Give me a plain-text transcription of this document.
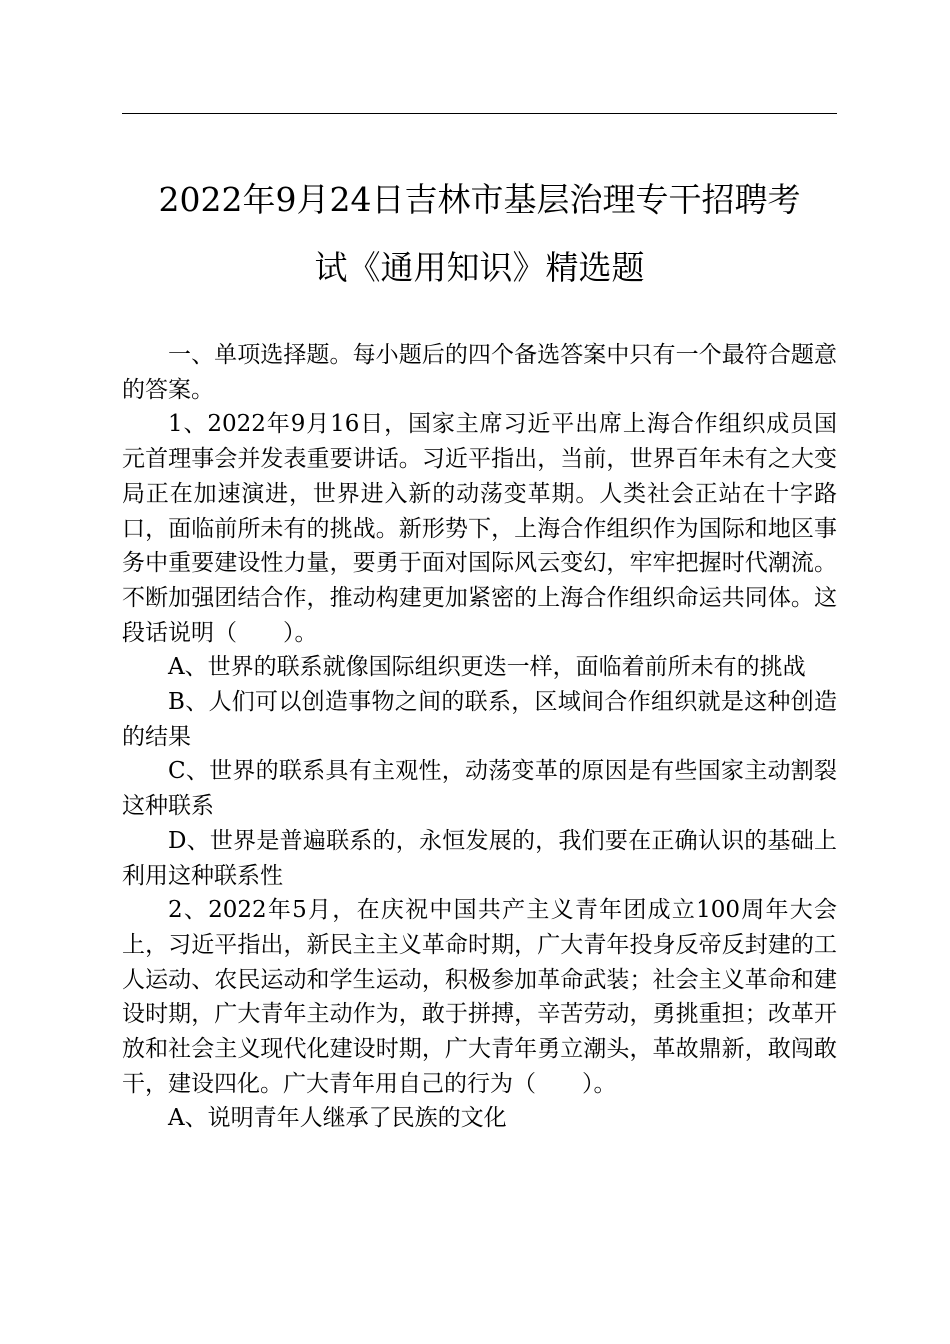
2022年9月24日吉林市基层治理专干招聘考
试《通用知识》精选题

一、单项选择题。每小题后的四个备选答案中只有一个最符合题意的答案。

1、2022年9月16日，国家主席习近平出席上海合作组织成员国元首理事会并发表重要讲话。习近平指出，当前，世界百年未有之大变局正在加速演进，世界进入新的动荡变革期。人类社会正站在十字路口，面临前所未有的挑战。新形势下，上海合作组织作为国际和地区事务中重要建设性力量，要勇于面对国际风云变幻，牢牢把握时代潮流。不断加强团结合作，推动构建更加紧密的上海合作组织命运共同体。这段话说明（　　）。

A、世界的联系就像国际组织更迭一样，面临着前所未有的挑战

B、人们可以创造事物之间的联系，区域间合作组织就是这种创造的结果

C、世界的联系具有主观性，动荡变革的原因是有些国家主动割裂这种联系

D、世界是普遍联系的，永恒发展的，我们要在正确认识的基础上利用这种联系性

2、2022年5月，在庆祝中国共产主义青年团成立100周年大会上，习近平指出，新民主主义革命时期，广大青年投身反帝反封建的工人运动、农民运动和学生运动，积极参加革命武装；社会主义革命和建设时期，广大青年主动作为，敢于拼搏，辛苦劳动，勇挑重担；改革开放和社会主义现代化建设时期，广大青年勇立潮头，革故鼎新，敢闯敢干，建设四化。广大青年用自己的行为（　　）。

A、说明青年人继承了民族的文化
